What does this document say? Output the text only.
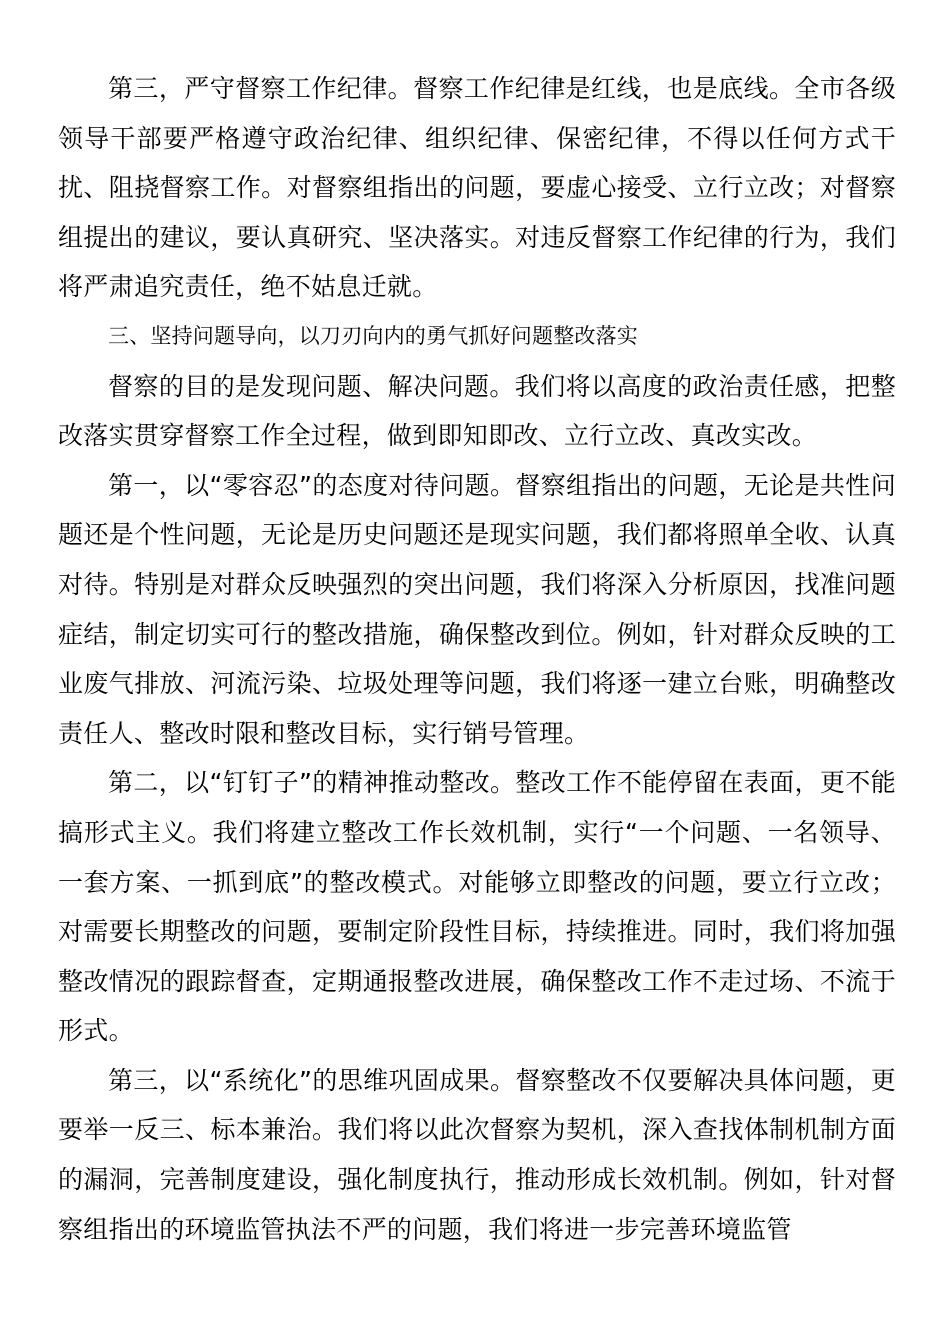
第三，严守督察工作纪律。督察工作纪律是红线，也是底线。全市各级领导干部要严格遵守政治纪律、组织纪律、保密纪律，不得以任何方式干扰、阻挠督察工作。对督察组指出的问题，要虚心接受、立行立改；对督察组提出的建议，要认真研究、坚决落实。对违反督察工作纪律的行为，我们将严肃追究责任，绝不姑息迁就。

三、坚持问题导向，以刀刃向内的勇气抓好问题整改落实

督察的目的是发现问题、解决问题。我们将以高度的政治责任感，把整改落实贯穿督察工作全过程，做到即知即改、立行立改、真改实改。

第一，以“零容忍”的态度对待问题。督察组指出的问题，无论是共性问题还是个性问题，无论是历史问题还是现实问题，我们都将照单全收、认真对待。特别是对群众反映强烈的突出问题，我们将深入分析原因，找准问题症结，制定切实可行的整改措施，确保整改到位。例如，针对群众反映的工业废气排放、河流污染、垃圾处理等问题，我们将逐一建立台账，明确整改责任人、整改时限和整改目标，实行销号管理。

第二，以“钉钉子”的精神推动整改。整改工作不能停留在表面，更不能搞形式主义。我们将建立整改工作长效机制，实行“一个问题、一名领导、一套方案、一抓到底”的整改模式。对能够立即整改的问题，要立行立改；对需要长期整改的问题，要制定阶段性目标，持续推进。同时，我们将加强整改情况的跟踪督查，定期通报整改进展，确保整改工作不走过场、不流于形式。

第三，以“系统化”的思维巩固成果。督察整改不仅要解决具体问题，更要举一反三、标本兼治。我们将以此次督察为契机，深入查找体制机制方面的漏洞，完善制度建设，强化制度执行，推动形成长效机制。例如，针对督察组指出的环境监管执法不严的问题，我们将进一步完善环境监管
